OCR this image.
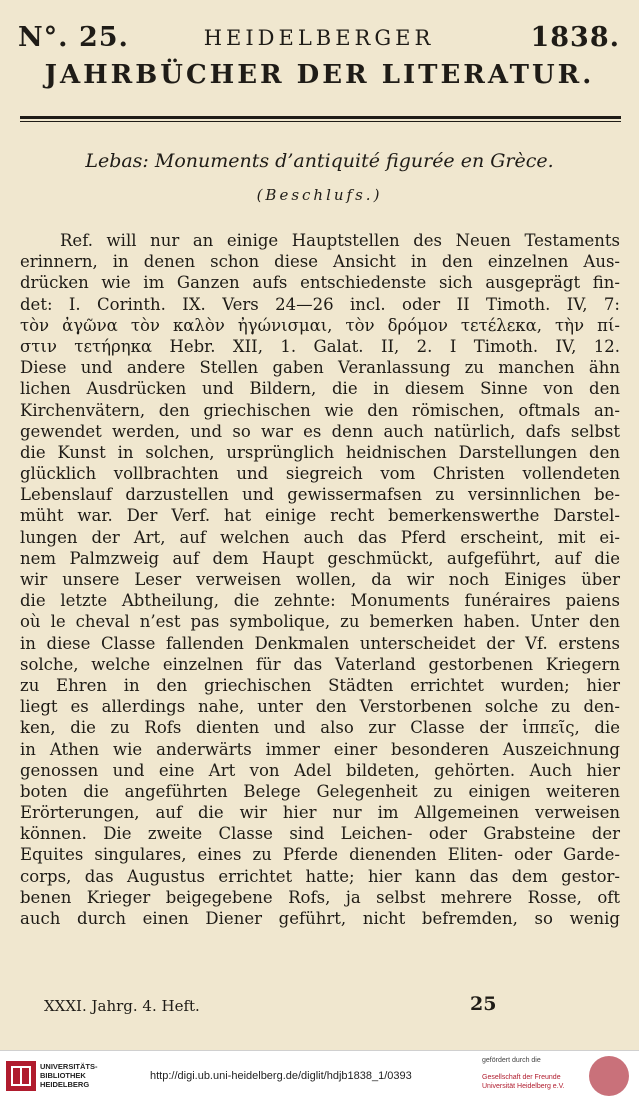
N°. 25.	HEIDELBERGER	1838.
JAHRBÜCHER DER LITERATUR.
Lebas: Monuments d’antiquité figurée en Grèce.
(Beschlufs.)
Ref. will nur an einige Hauptstellen des Neuen Testaments
erinnern, in denen schon diese Ansicht in den einzelnen Aus-
drücken wie im Ganzen aufs entschiedenste sich ausgeprägt fin-
det: I. Corinth. IX. Vers 24—26 incl. oder II Timoth. IV, 7:
τὸν ἀγῶνα τὸν καλὸν ἠγώνισμαι, τὸν δρόμον τετέλεκα, τὴν πί-
στιν τετήρηκα Hebr. XII, 1. Galat. II, 2. I Timoth. IV, 12.
Diese und andere Stellen gaben Veranlassung zu manchen ähn
lichen Ausdrücken und Bildern, die in diesem Sinne von den
Kirchenvätern, den griechischen wie den römischen, oftmals an-
gewendet werden, und so war es denn auch natürlich, dafs selbst
die Kunst in solchen, ursprünglich heidnischen Darstellungen den
glücklich vollbrachten und siegreich vom Christen vollendeten
Lebenslauf darzustellen und gewissermafsen zu versinnlichen be-
müht war. Der Verf. hat einige recht bemerkenswerthe Darstel-
lungen der Art, auf welchen auch das Pferd erscheint, mit ei-
nem Palmzweig auf dem Haupt geschmückt, aufgeführt, auf die
wir unsere Leser verweisen wollen, da wir noch Einiges über
die letzte Abtheilung, die zehnte: Monuments funéraires paiens
où le cheval n’est pas symbolique, zu bemerken haben. Unter den
in diese Classe fallenden Denkmalen unterscheidet der Vf. erstens
solche, welche einzelnen für das Vaterland gestorbenen Kriegern
zu Ehren in den griechischen Städten errichtet wurden; hier
liegt es allerdings nahe, unter den Verstorbenen solche zu den-
ken, die zu Rofs dienten und also zur Classe der ἱππεῖς, die
in Athen wie anderwärts immer einer besonderen Auszeichnung
genossen und eine Art von Adel bildeten, gehörten. Auch hier
boten die angeführten Belege Gelegenheit zu einigen weiteren
Erörterungen, auf die wir hier nur im Allgemeinen verweisen
können. Die zweite Classe sind Leichen- oder Grabsteine der
Equites singulares, eines zu Pferde dienenden Eliten- oder Garde-
corps, das Augustus errichtet hatte; hier kann das dem gestor-
benen Krieger beigegebene Rofs, ja selbst mehrere Rosse, oft
auch durch einen Diener geführt, nicht befremden, so wenig
XXXI. Jahrg. 4. Heft.	25
UNIVERSITÄTS-
BIBLIOTHEK
HEIDELBERG
http://digi.ub.uni-heidelberg.de/diglit/hdjb1838_1/0393
gefördert durch die
Gesellschaft der Freunde
Universität Heidelberg e.V.
